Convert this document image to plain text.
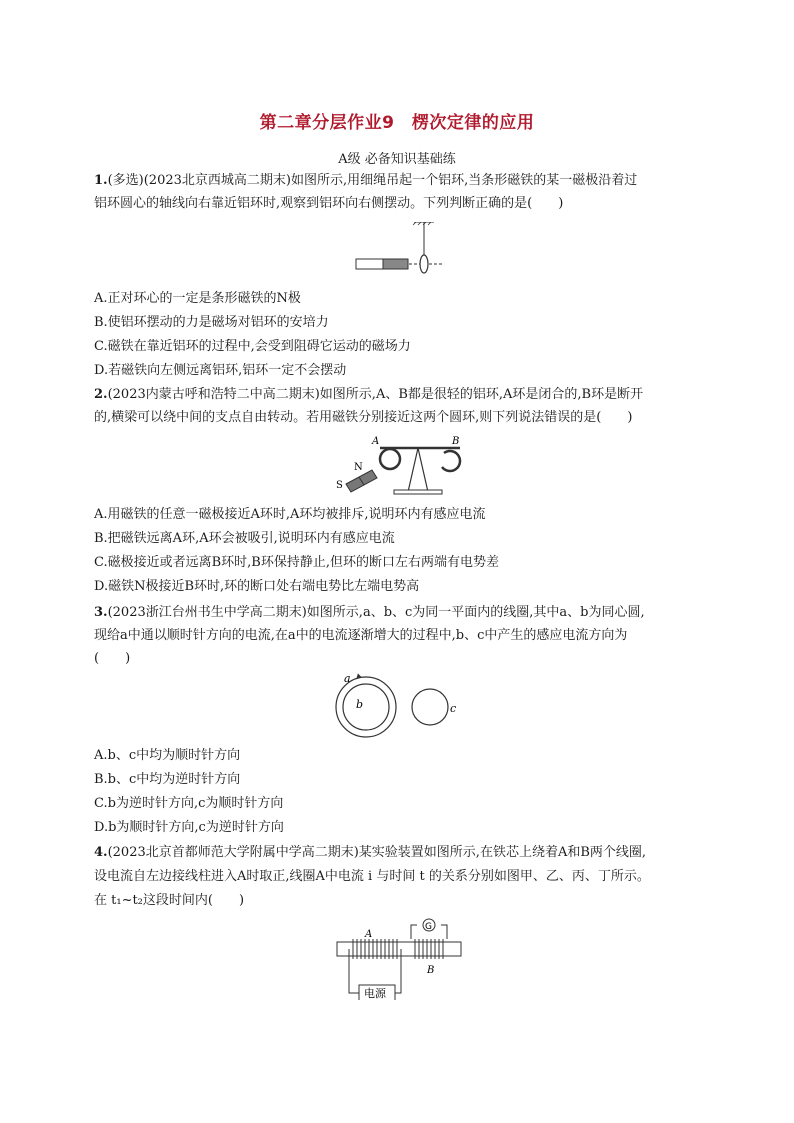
第二章分层作业9　楞次定律的应用
A级 必备知识基础练
1.(多选)(2023北京西城高二期末)如图所示,用细绳吊起一个铝环,当条形磁铁的某一磁极沿着过
铝环圆心的轴线向右靠近铝环时,观察到铝环向右侧摆动。下列判断正确的是(　　)
A.正对环心的一定是条形磁铁的N极
B.使铝环摆动的力是磁场对铝环的安培力
C.磁铁在靠近铝环的过程中,会受到阻碍它运动的磁场力
D.若磁铁向左侧远离铝环,铝环一定不会摆动
2.(2023内蒙古呼和浩特二中高二期末)如图所示,A、B都是很轻的铝环,A环是闭合的,B环是断开
的,横梁可以绕中间的支点自由转动。若用磁铁分别接近这两个圆环,则下列说法错误的是(　　)
A	B
N
S
A.用磁铁的任意一磁极接近A环时,A环均被排斥,说明环内有感应电流
B.把磁铁远离A环,A环会被吸引,说明环内有感应电流
C.磁极接近或者远离B环时,B环保持静止,但环的断口左右两端有电势差
D.磁铁N极接近B环时,环的断口处右端电势比左端电势高
3.(2023浙江台州书生中学高二期末)如图所示,a、b、c为同一平面内的线圈,其中a、b为同心圆,
现给a中通以顺时针方向的电流,在a中的电流逐渐增大的过程中,b、c中产生的感应电流方向为
(　　)
a
b	c
A.b、c中均为顺时针方向
B.b、c中均为逆时针方向
C.b为逆时针方向,c为顺时针方向
D.b为顺时针方向,c为逆时针方向
4.(2023北京首都师范大学附属中学高二期末)某实验装置如图所示,在铁芯上绕着A和B两个线圈,
设电流自左边接线柱进入A时取正,线圈A中电流 i 与时间 t 的关系分别如图甲、乙、丙、丁所示。
在 t₁~t₂这段时间内(　　)
电源
G
A
B
